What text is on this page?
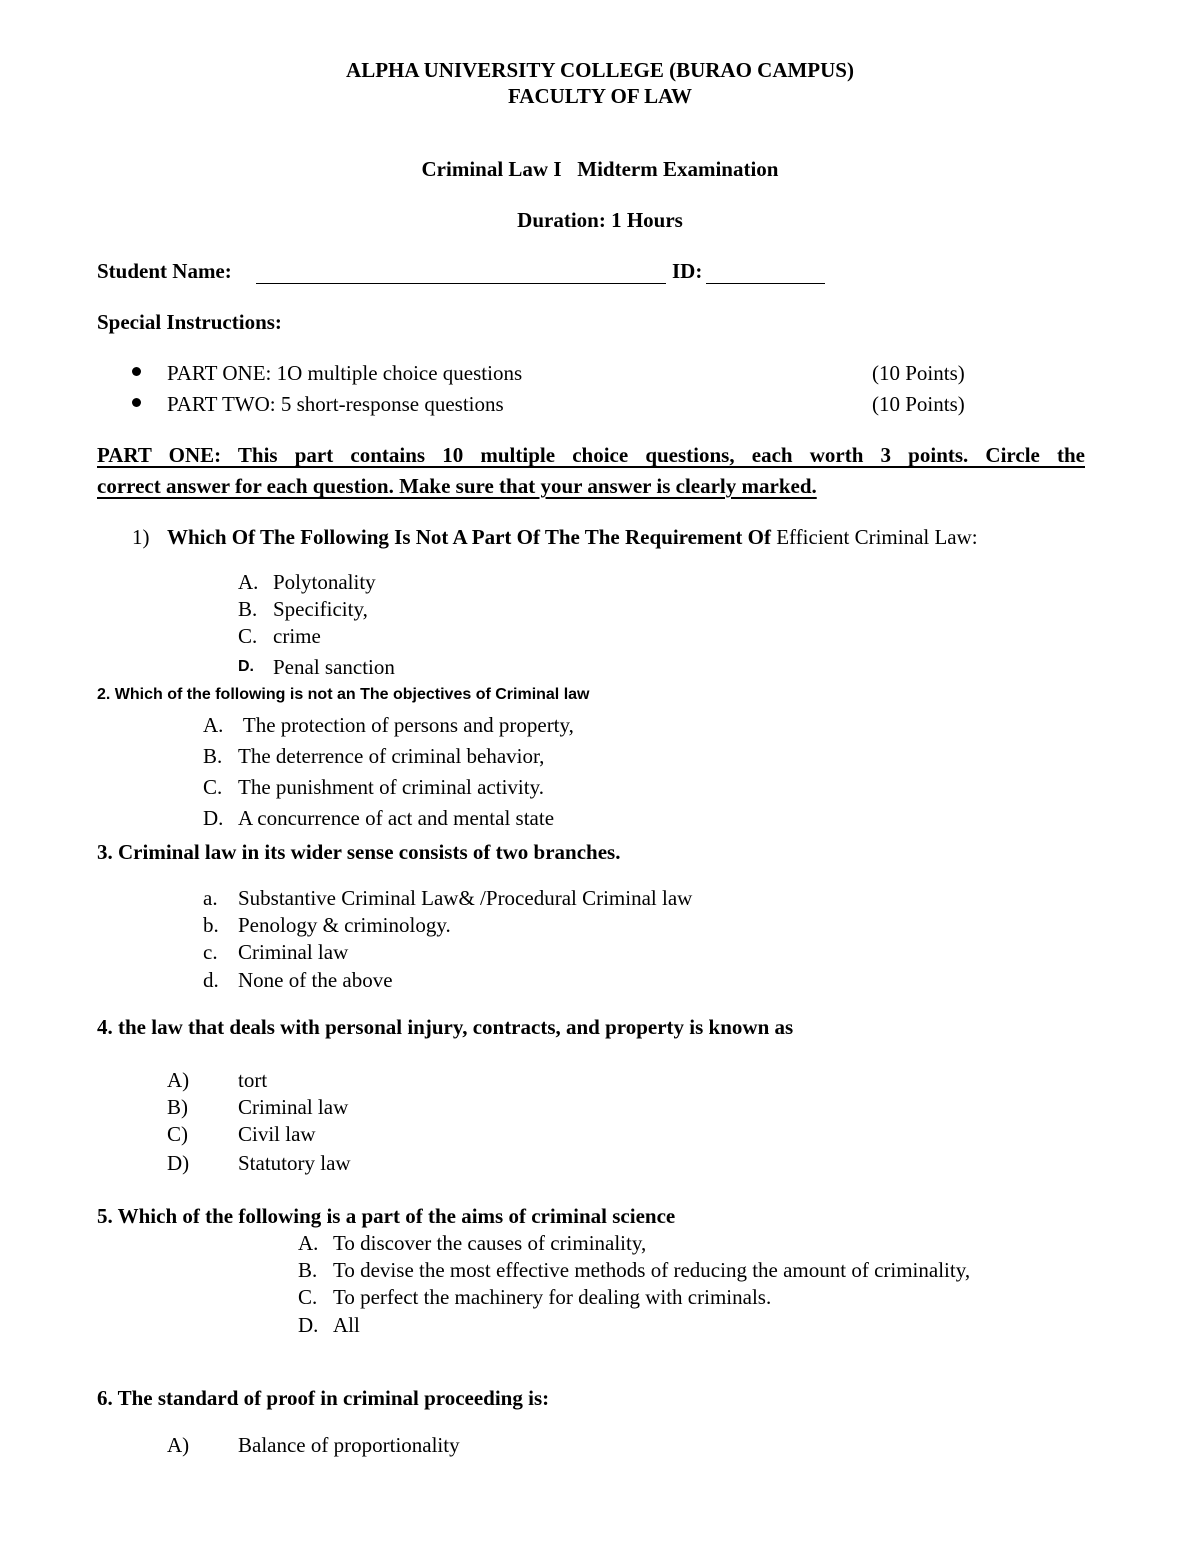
ALPHA UNIVERSITY COLLEGE (BURAO CAMPUS)
FACULTY OF LAW
Criminal Law I   Midterm Examination
Duration: 1 Hours
Student Name:	ID:
Special Instructions:
PART ONE: 1O multiple choice questions	(10 Points)
PART TWO: 5 short-response questions	(10 Points)
PART ONE: This part contains 10 multiple choice questions, each worth 3 points. Circle the
correct answer for each question. Make sure that your answer is clearly marked.
1) Which Of The Following Is Not A Part Of The The Requirement Of Efficient Criminal Law:
A. Polytonality
B. Specificity,
C. crime
D. Penal sanction
2. Which of the following is not an The objectives of Criminal law
A. The protection of persons and property,
B. The deterrence of criminal behavior,
C. The punishment of criminal activity.
D. A concurrence of act and mental state
3. Criminal law in its wider sense consists of two branches.
a. Substantive Criminal Law& /Procedural Criminal law
b. Penology & criminology.
c. Criminal law
d. None of the above
4. the law that deals with personal injury, contracts, and property is known as
A) tort
B) Criminal law
C) Civil law
D) Statutory law
5. Which of the following is a part of the aims of criminal science
A. To discover the causes of criminality,
B. To devise the most effective methods of reducing the amount of criminality,
C. To perfect the machinery for dealing with criminals.
D. All
6. The standard of proof in criminal proceeding is:
A) Balance of proportionality
